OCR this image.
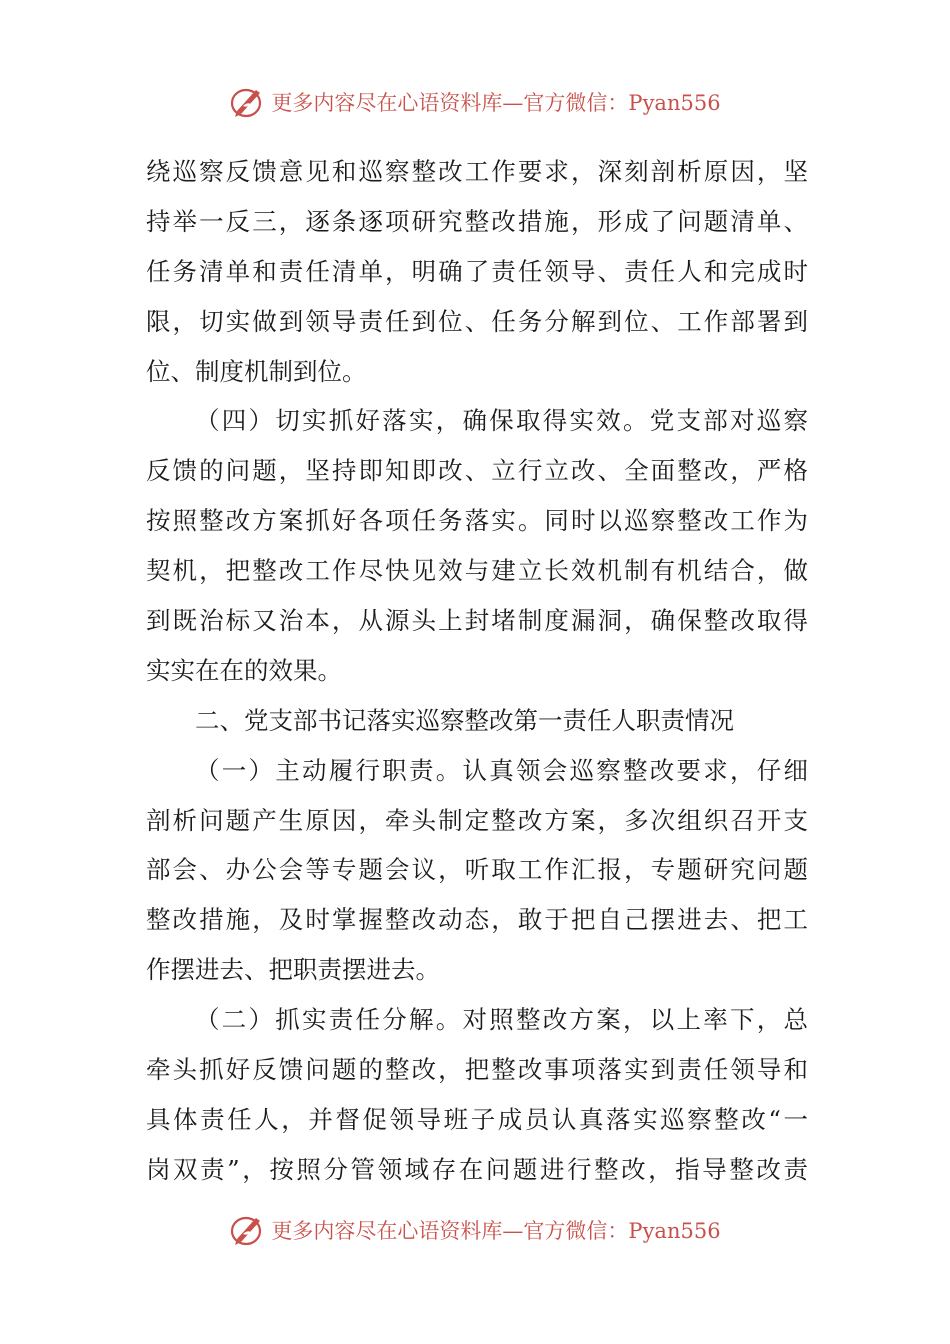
更多内容尽在心语资料库—官方微信：Pyan556
绕巡察反馈意见和巡察整改工作要求，深刻剖析原因，坚
持举一反三，逐条逐项研究整改措施，形成了问题清单、
任务清单和责任清单，明确了责任领导、责任人和完成时
限，切实做到领导责任到位、任务分解到位、工作部署到
位、制度机制到位。
（四）切实抓好落实，确保取得实效。党支部对巡察
反馈的问题，坚持即知即改、立行立改、全面整改，严格
按照整改方案抓好各项任务落实。同时以巡察整改工作为
契机，把整改工作尽快见效与建立长效机制有机结合，做
到既治标又治本，从源头上封堵制度漏洞，确保整改取得
实实在在的效果。
二、党支部书记落实巡察整改第一责任人职责情况
（一）主动履行职责。认真领会巡察整改要求，仔细
剖析问题产生原因，牵头制定整改方案，多次组织召开支
部会、办公会等专题会议，听取工作汇报，专题研究问题
整改措施，及时掌握整改动态，敢于把自己摆进去、把工
作摆进去、把职责摆进去。
（二）抓实责任分解。对照整改方案，以上率下，总
牵头抓好反馈问题的整改，把整改事项落实到责任领导和
具体责任人，并督促领导班子成员认真落实巡察整改“一
岗双责”，按照分管领域存在问题进行整改，指导整改责
更多内容尽在心语资料库—官方微信：Pyan556
